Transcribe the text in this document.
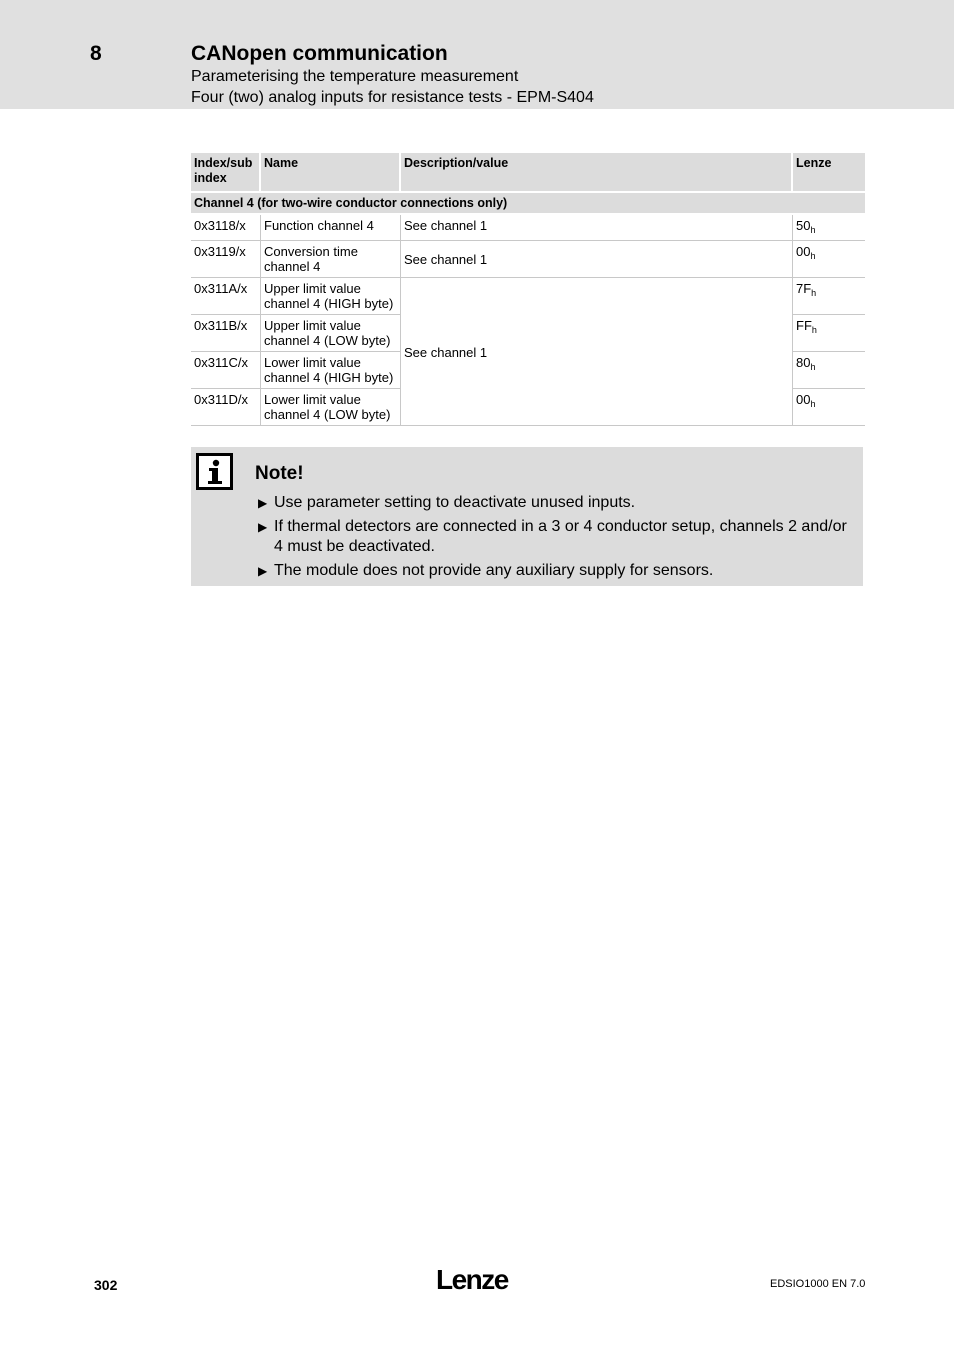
8	CANopen communication
Parameterising the temperature measurement
Four (two) analog inputs for resistance tests - EPM-S404
Index/sub index	Name	Description/value	Lenze
Channel 4 (for two-wire conductor connections only)			
0x3118/x	Function channel 4	See channel 1	$50_h$
0x3119/x	Conversion time channel 4	See channel 1	$00_h$
0x311A/x	Upper limit value channel 4 (HIGH byte)	See channel 1	$7F_h$
0x311B/x	Upper limit value channel 4 (LOW byte)		$FF_h$
0x311C/x	Lower limit value channel 4 (HIGH byte)		$80_h$
0x311D/x	Lower limit value channel 4 (LOW byte)		$00_h$
Note!
▶ Use parameter setting to deactivate unused inputs.
▶ If thermal detectors are connected in a 3 or 4 conductor setup, channels 2 and/or 4 must be deactivated.
▶ The module does not provide any auxiliary supply for sensors.
302	Lenze	EDSIO1000 EN 7.0
